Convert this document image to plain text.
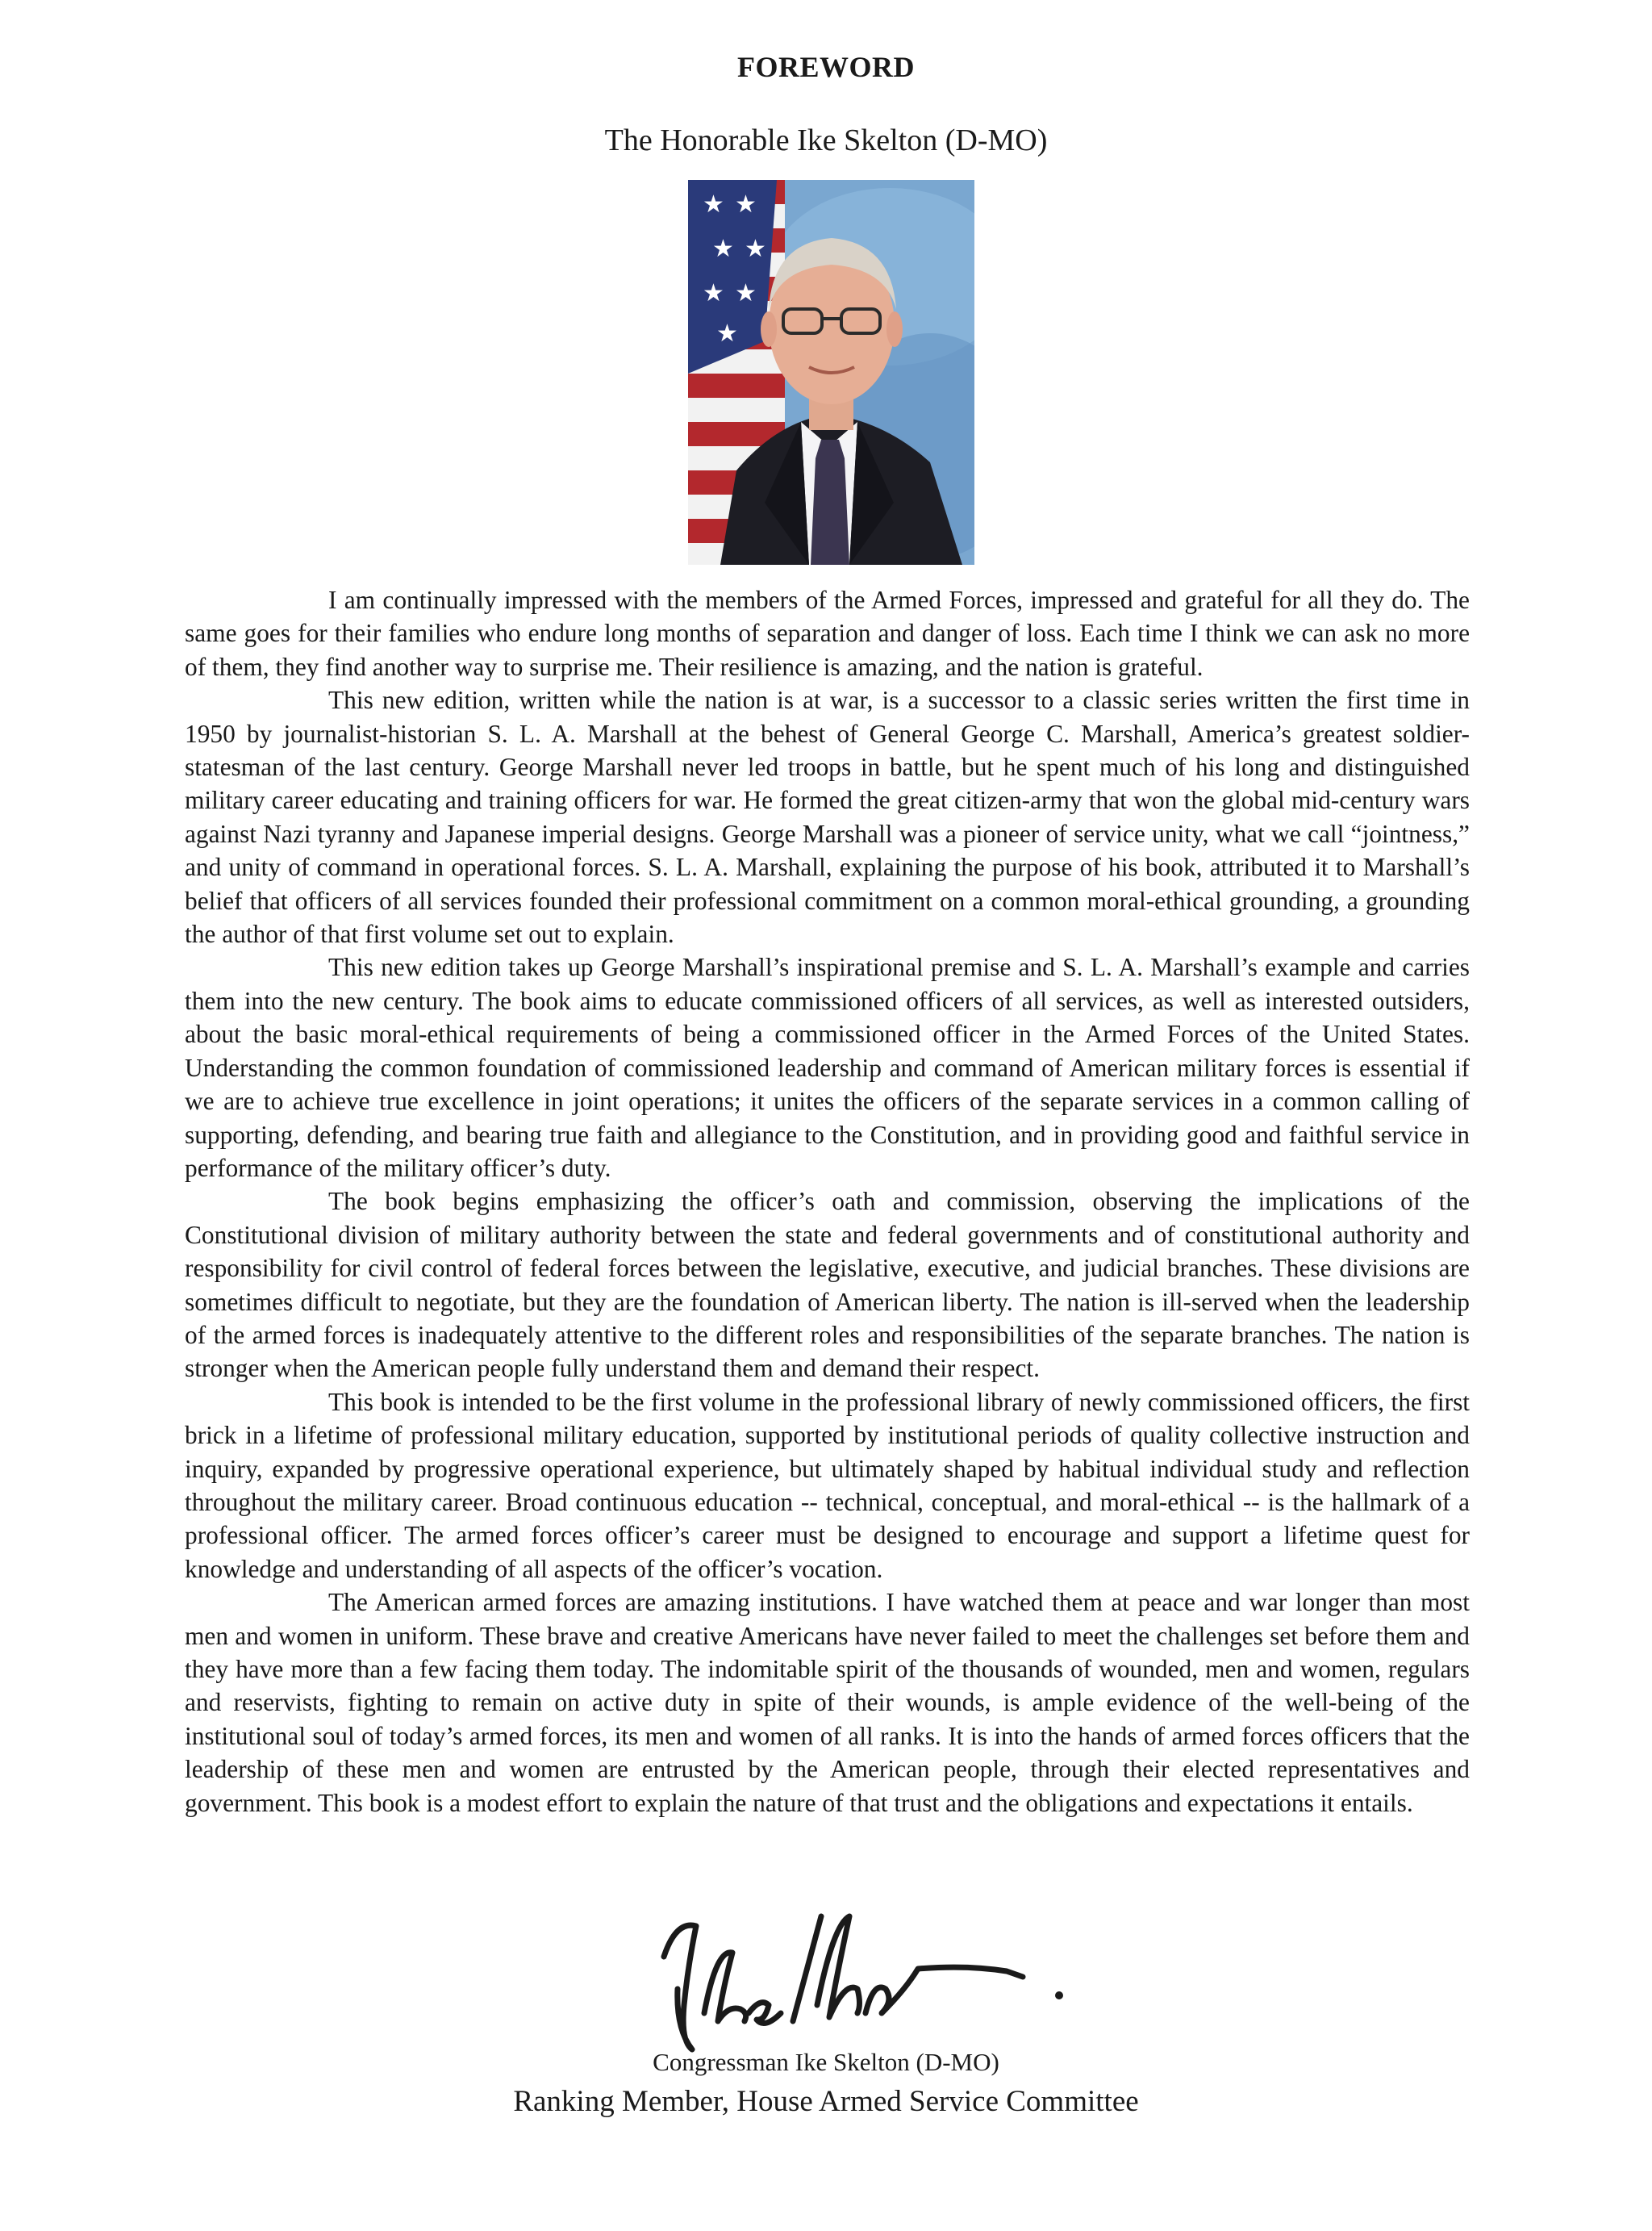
FOREWORD
The Honorable Ike Skelton (D-MO)
★ ★
★ ★
★ ★
★

I am continually impressed with the members of the Armed Forces, impressed and grateful for all they do. The same goes for their families who endure long months of separation and danger of loss. Each time I think we can ask no more of them, they find another way to surprise me. Their resilience is amazing, and the nation is grateful.

This new edition, written while the nation is at war, is a successor to a classic series written the first time in 1950 by journalist-historian S. L. A. Marshall at the behest of General George C. Marshall, America’s greatest soldier-statesman of the last century. George Marshall never led troops in battle, but he spent much of his long and distinguished military career educating and training officers for war. He formed the great citizen-army that won the global mid-century wars against Nazi tyranny and Japanese imperial designs. George Marshall was a pioneer of service unity, what we call “jointness,” and unity of command in operational forces. S. L. A. Marshall, explaining the purpose of his book, attributed it to Marshall’s belief that officers of all services founded their professional commitment on a common moral-ethical grounding, a grounding the author of that first volume set out to explain.

This new edition takes up George Marshall’s inspirational premise and S. L. A. Marshall’s example and carries them into the new century. The book aims to educate commissioned officers of all services, as well as interested outsiders, about the basic moral-ethical requirements of being a commissioned officer in the Armed Forces of the United States. Understanding the common foundation of commissioned leadership and command of American military forces is essential if we are to achieve true excellence in joint operations; it unites the officers of the separate services in a common calling of supporting, defending, and bearing true faith and allegiance to the Constitution, and in providing good and faithful service in performance of the military officer’s duty.

The book begins emphasizing the officer’s oath and commission, observing the implications of the Constitutional division of military authority between the state and federal governments and of constitutional authority and responsibility for civil control of federal forces between the legislative, executive, and judicial branches. These divisions are sometimes difficult to negotiate, but they are the foundation of American liberty. The nation is ill-served when the leadership of the armed forces is inadequately attentive to the different roles and responsibilities of the separate branches. The nation is stronger when the American people fully understand them and demand their respect.

This book is intended to be the first volume in the professional library of newly commissioned officers, the first brick in a lifetime of professional military education, supported by institutional periods of quality collective instruction and inquiry, expanded by progressive operational experience, but ultimately shaped by habitual individual study and reflection throughout the military career. Broad continuous education -- technical, conceptual, and moral-ethical -- is the hallmark of a professional officer. The armed forces officer’s career must be designed to encourage and support a lifetime quest for knowledge and understanding of all aspects of the officer’s vocation.

The American armed forces are amazing institutions. I have watched them at peace and war longer than most men and women in uniform. These brave and creative Americans have never failed to meet the challenges set before them and they have more than a few facing them today. The indomitable spirit of the thousands of wounded, men and women, regulars and reservists, fighting to remain on active duty in spite of their wounds, is ample evidence of the well-being of the institutional soul of today’s armed forces, its men and women of all ranks. It is into the hands of armed forces officers that the leadership of these men and women are entrusted by the American people, through their elected representatives and government. This book is a modest effort to explain the nature of that trust and the obligations and expectations it entails.

Congressman Ike Skelton (D-MO)
Ranking Member, House Armed Service Committee
